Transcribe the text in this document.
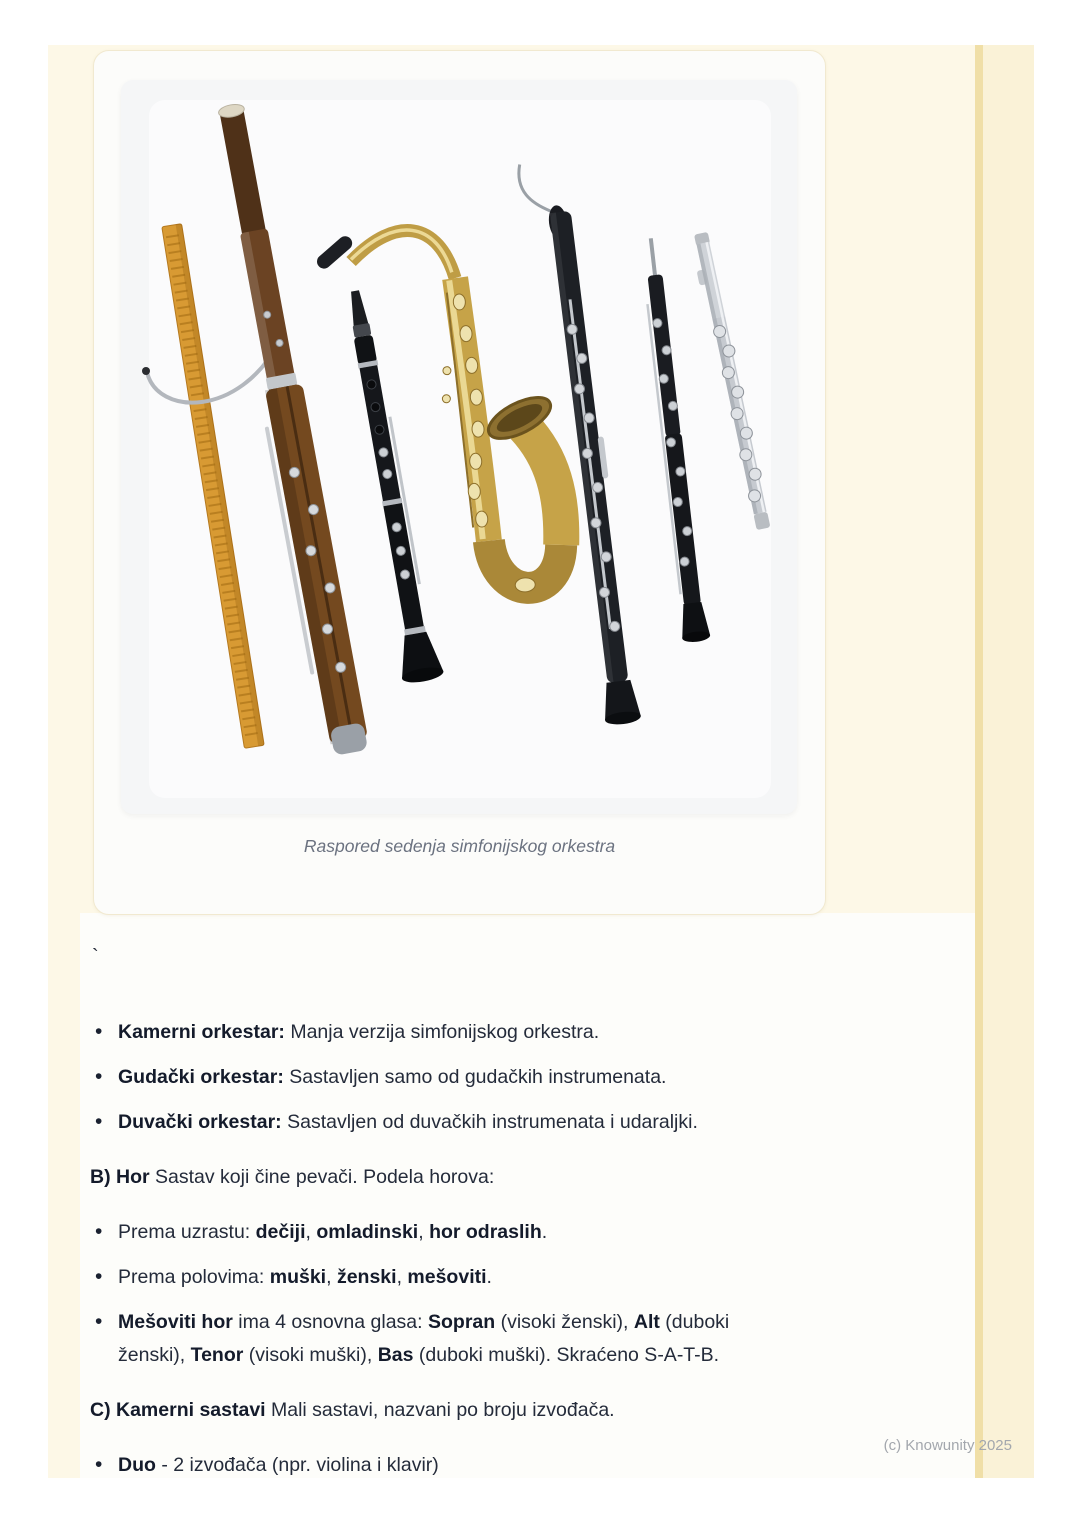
Raspored sedenja simfonijskog orkestra
`
• Kamerni orkestar: Manja verzija simfonijskog orkestra.
• Gudački orkestar: Sastavljen samo od gudačkih instrumenata.
• Duvački orkestar: Sastavljen od duvačkih instrumenata i udaraljki.

B) Hor Sastav koji čine pevači. Podela horova:

• Prema uzrastu: dečiji, omladinski, hor odraslih.
• Prema polovima: muški, ženski, mešoviti.
• Mešoviti hor ima 4 osnovna glasa: Sopran (visoki ženski), Alt (duboki ženski), Tenor (visoki muški), Bas (duboki muški). Skraćeno S-A-T-B.

C) Kamerni sastavi Mali sastavi, nazvani po broju izvođača.

• Duo - 2 izvođača (npr. violina i klavir)
(c) Knowunity 2025
